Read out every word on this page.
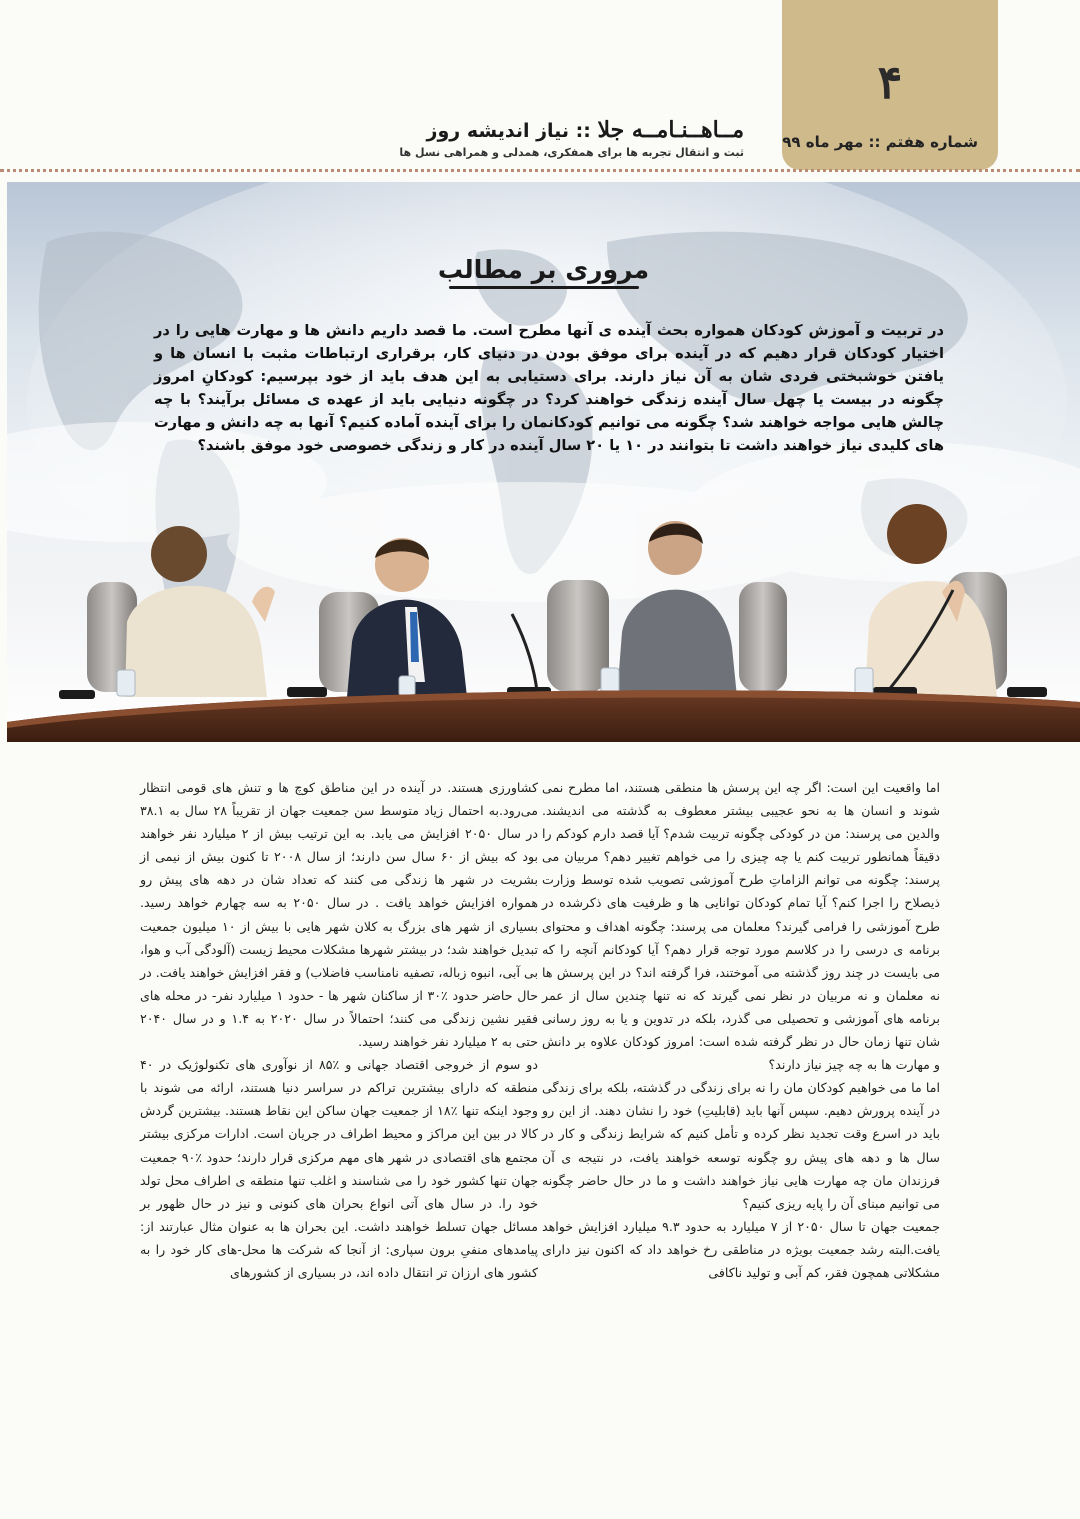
۴
شماره هفتم :: مهر ماه ۹۹
مــاهــنـامــه جلا :: نیاز اندیشه روز
ثبت و انتقال تجربه ها برای همفکری، همدلی و همراهی نسل ها
مروری بر مطالب
در تربیت و آموزش کودکان همواره بحث آینده ی آنها مطرح است. ما قصد داریم دانش ها و مهارت هایی را در اختیار کودکان قرار دهیم که در آینده برای موفق بودن در دنیای کار، برقراری ارتباطات مثبت با انسان ها و یافتن خوشبختی فردی شان به آن نیاز دارند. برای دستیابی به این هدف باید از خود بپرسیم: کودکانِ امروز چگونه در بیست یا چهل سال آینده زندگی خواهند کرد؟ در چگونه دنیایی باید از عهده ی مسائل برآیند؟ با چه چالش هایی مواجه خواهند شد؟ چگونه می توانیم کودکانمان را برای آینده آماده کنیم؟ آنها به چه دانش و مهارت های کلیدی نیاز خواهند داشت تا بتوانند در ۱۰ یا ۲۰ سال آینده در کار و زندگی خصوصی خود موفق باشند؟

اما واقعیت این است: اگر چه این پرسش ها منطقی هستند، اما مطرح نمی شوند و انسان ها به نحو عجیبی بیشتر معطوف به گذشته می اندیشند. والدین می پرسند: من در کودکی چگونه تربیت شدم؟ آیا قصد دارم کودکم را دقیقاً همانطور تربیت کنم یا چه چیزی را می خواهم تغییر دهم؟ مربیان می پرسند: چگونه می توانم الزاماتِ طرح آموزشی تصویب شده توسط وزارت ذیصلاح را اجرا کنم؟ آیا تمام کودکان توانایی ها و ظرفیت های ذکرشده در طرح آموزشی را فرامی گیرند؟ معلمان می پرسند: چگونه اهداف و محتوای برنامه ی درسی را در کلاسم مورد توجه قرار دهم؟ آیا کودکانم آنچه را که می بایست در چند روز گذشته می آموختند، فرا گرفته اند؟ در این پرسش ها نه معلمان و نه مربیان در نظر نمی گیرند که نه تنها چندین سال از عمر برنامه های آموزشی و تحصیلی می گذرد، بلکه در تدوین و یا به روز رسانی شان تنها زمان حال در نظر گرفته شده است: امروز کودکان علاوه بر دانش و مهارت ها به چه چیز نیاز دارند؟

اما ما می خواهیم کودکان مان را نه برای زندگی در گذشته، بلکه برای زندگی در آینده پرورش دهیم. سپس آنها باید (قابلیتِ) خود را نشان دهند. از این رو باید در اسرع وقت تجدید نظر کرده و تأمل کنیم که شرایط زندگی و کار در سال ها و دهه های پیش رو چگونه توسعه خواهند یافت، در نتیجه ی آن فرزندان مان چه مهارت هایی نیاز خواهند داشت و ما در حال حاضر چگونه می توانیم مبنای آن را پایه ریزی کنیم؟

جمعیت جهان تا سال ۲۰۵۰ از ۷ میلیارد به حدود ۹.۳ میلیارد افزایش خواهد یافت.البته رشد جمعیت بویژه در مناطقی رخ خواهد داد که اکنون نیز دارای مشکلاتی همچون فقر، کم آبی و تولید ناکافی

کشاورزی هستند. در آینده در این مناطق کوچ ها و تنش های قومی انتظار می‌رود.به احتمال زیاد متوسط سن جمعیت جهان از تقریباً ۲۸ سال به ۳۸.۱ در سال ۲۰۵۰ افزایش می یابد. به این ترتیب بیش از ۲ میلیارد نفر خواهند بود که بیش از ۶۰ سال سن دارند؛ از سال ۲۰۰۸ تا کنون بیش از نیمی از بشریت در شهر ها زندگی می کنند که تعداد شان در دهه های پیش رو همواره افزایش خواهد یافت . در سال ۲۰۵۰ به سه چهارم خواهد رسید. بسیاری از شهر های بزرگ به کلان شهر هایی با بیش از ۱۰ میلیون جمعیت تبدیل خواهند شد؛ در بیشتر شهرها مشکلات محیط زیست (آلودگی آب و هوا، بی آبی، انبوه زباله، تصفیه نامناسب فاضلاب) و فقر افزایش خواهند یافت. در حال حاضر حدود ٪۳۰ از ساکنان شهر ها - حدود ۱ میلیارد نفر- در محله های فقیر نشین زندگی می کنند؛ احتمالاً در سال ۲۰۲۰ به ۱.۴ و در سال ۲۰۴۰ حتی به ۲ میلیارد نفر خواهند رسید.

دو سوم از خروجی اقتصاد جهانی و ٪۸۵ از نوآوری های تکنولوژیک در ۴۰ منطقه که دارای بیشترین تراکم در سراسر دنیا هستند، ارائه می شوند با وجود اینکه تنها ٪۱۸ از جمعیت جهان ساکن این نقاط هستند. بیشترین گردش کالا در بین این مراکز و محیط اطراف در جریان است. ادارات مرکزی بیشتر مجتمع های اقتصادی در شهر های مهم مرکزی قرار دارند؛ حدود ٪۹۰ جمعیت جهان تنها کشور خود را می شناسند و اغلب تنها منطقه ی اطراف محل تولد خود را. در سال های آتی انواع بحران های کنونی و نیز در حال ظهور بر مسائل جهان تسلط خواهند داشت. این بحران ها به عنوان مثال عبارتند از: پیامدهای منفیِ برون سپاری: از آنجا که شرکت ها محل-های کار خود را به کشور های ارزان تر انتقال داده اند، در بسیاری از کشورهای
